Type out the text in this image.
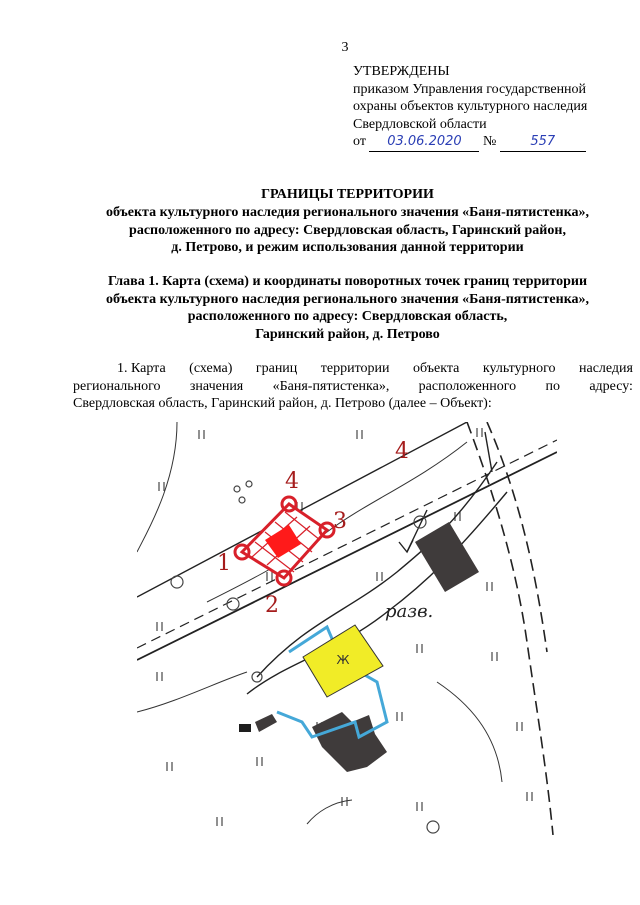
3
УТВЕРЖДЕНЫ
приказом Управления государственной
охраны объектов культурного наследия
Свердловской области
от 03.06.2020 №	557
ГРАНИЦЫ ТЕРРИТОРИИ
объекта культурного наследия регионального значения «Баня-пятистенка»,
расположенного по адресу: Свердловская область, Гаринский район,
д. Петрово, и режим использования данной территории
Глава 1. Карта (схема) и координаты поворотных точек границ территории
объекта культурного наследия регионального значения «Баня-пятистенка»,
расположенного по адресу: Свердловская область,
Гаринский район, д. Петрово
1. Карта (схема) границ территории объекта культурного наследия
регионального значения «Баня-пятистенка», расположенного по адресу:
Свердловская область, Гаринский район, д. Петрово (далее – Объект):
Ж
разв.
1
2
3
4
4
